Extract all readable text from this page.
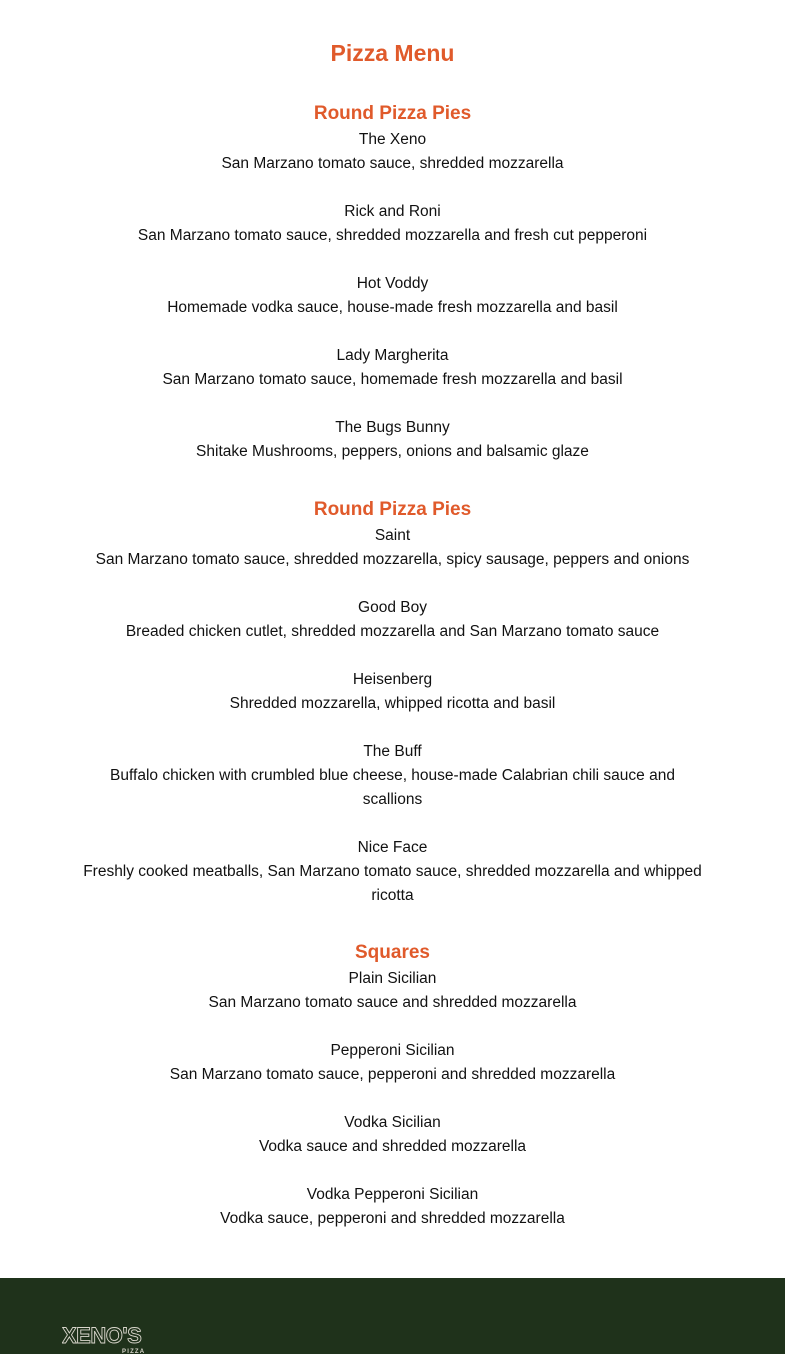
Pizza Menu
Round Pizza Pies

The Xeno

San Marzano tomato sauce, shredded mozzarella

Rick and Roni

San Marzano tomato sauce, shredded mozzarella and fresh cut pepperoni

Hot Voddy

Homemade vodka sauce, house-made fresh mozzarella and basil

Lady Margherita

San Marzano tomato sauce, homemade fresh mozzarella and basil

The Bugs Bunny

Shitake Mushrooms, peppers, onions and balsamic glaze

Round Pizza Pies

Saint

San Marzano tomato sauce, shredded mozzarella, spicy sausage, peppers and onions

Good Boy

Breaded chicken cutlet, shredded mozzarella and San Marzano tomato sauce

Heisenberg

Shredded mozzarella, whipped ricotta and basil

The Buff

Buffalo chicken with crumbled blue cheese, house-made Calabrian chili sauce and scallions

Nice Face

Freshly cooked meatballs, San Marzano tomato sauce, shredded mozzarella and whipped ricotta

Squares

Plain Sicilian

San Marzano tomato sauce and shredded mozzarella

Pepperoni Sicilian

San Marzano tomato sauce, pepperoni and shredded mozzarella

Vodka Sicilian

Vodka sauce and shredded mozzarella

Vodka Pepperoni Sicilian

Vodka sauce, pepperoni and shredded mozzarella

XENO'S
PIZZA
